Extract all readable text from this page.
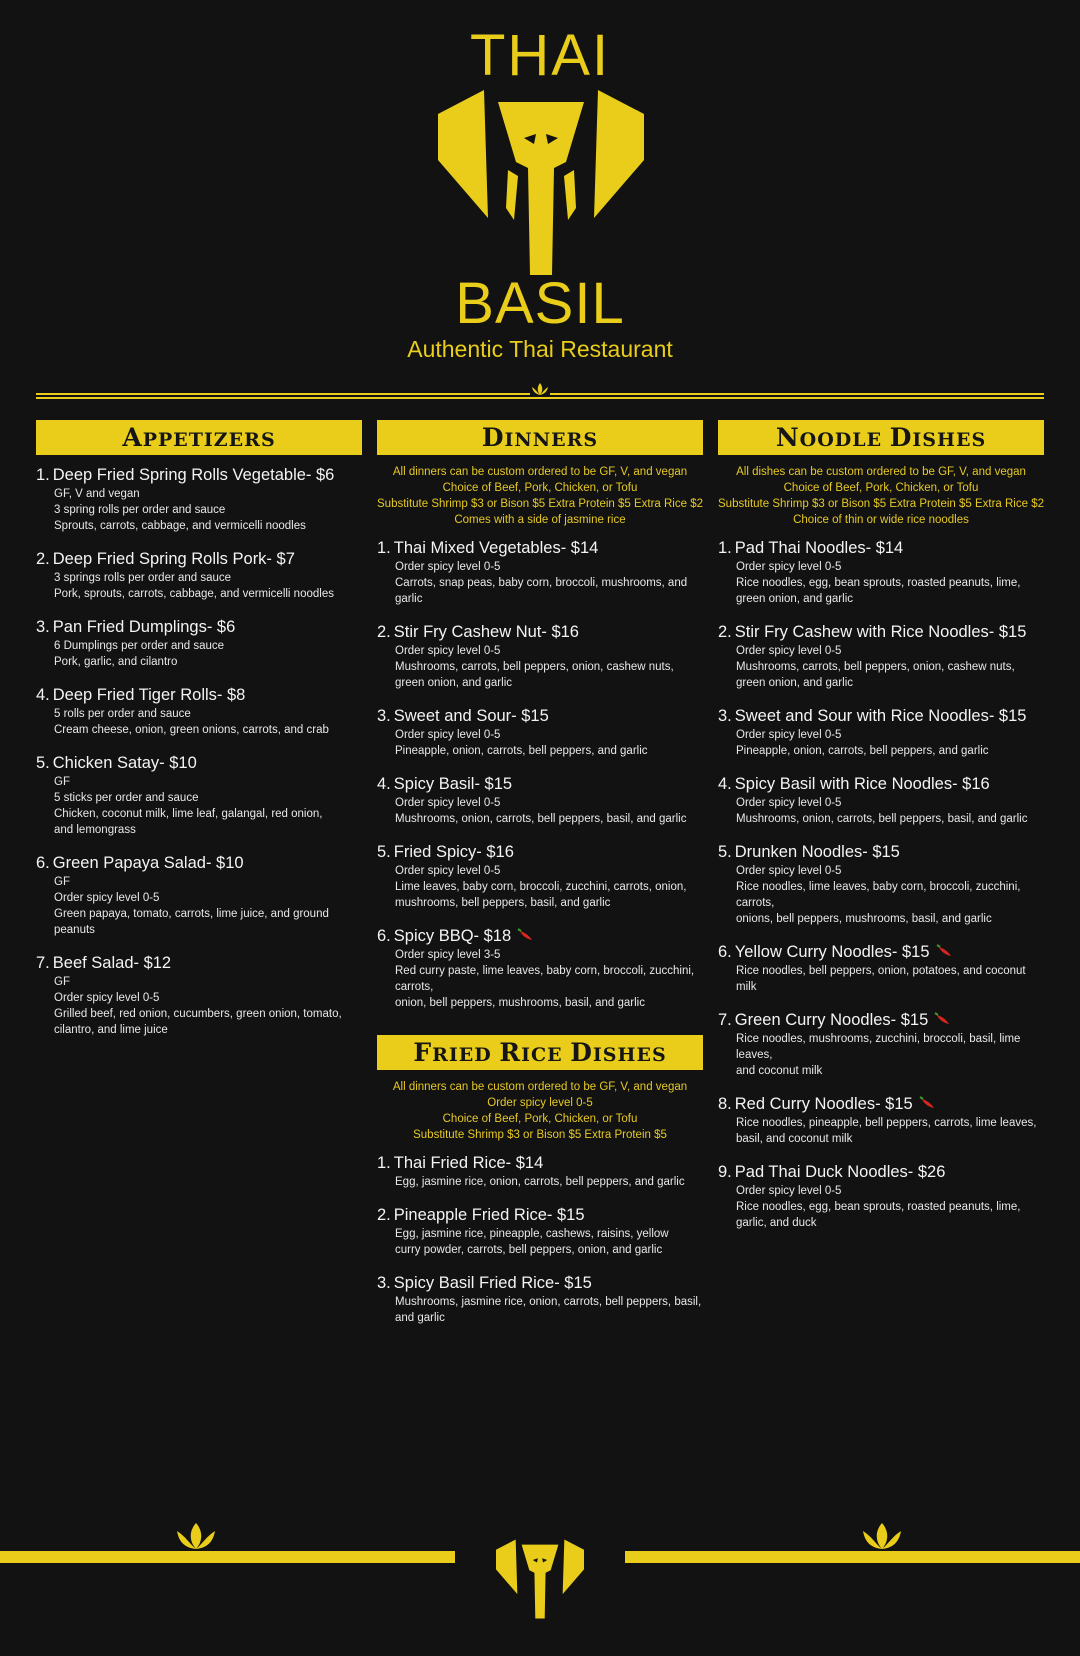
THAI
BASIL
Authentic Thai Restaurant
APPETIZERS
1. Deep Fried Spring Rolls Vegetable- $6
GF, V and vegan
3 spring rolls per order and sauce
Sprouts, carrots, cabbage, and vermicelli noodles
2. Deep Fried Spring Rolls Pork- $7
3 springs rolls per order and sauce
Pork, sprouts, carrots, cabbage, and vermicelli noodles
3. Pan Fried Dumplings- $6
6 Dumplings per order and sauce
Pork, garlic, and cilantro
4. Deep Fried Tiger Rolls- $8
5 rolls per order and sauce
Cream cheese, onion, green onions, carrots, and crab
5. Chicken Satay- $10
GF
5 sticks per order and sauce
Chicken, coconut milk, lime leaf, galangal, red onion,
and lemongrass
6. Green Papaya Salad- $10
GF
Order spicy level 0-5
Green papaya, tomato, carrots, lime juice, and ground peanuts
7. Beef Salad- $12
GF
Order spicy level 0-5
Grilled beef, red onion, cucumbers, green onion, tomato,
cilantro, and lime juice
DINNERS
All dinners can be custom ordered to be GF, V, and vegan
Choice of Beef, Pork, Chicken, or Tofu
Substitute Shrimp $3 or Bison $5 Extra Protein $5 Extra Rice $2
Comes with a side of jasmine rice
1. Thai Mixed Vegetables- $14
Order spicy level 0-5
Carrots, snap peas, baby corn, broccoli, mushrooms, and garlic
2. Stir Fry Cashew Nut- $16
Order spicy level 0-5
Mushrooms, carrots, bell peppers, onion, cashew nuts,
green onion, and garlic
3. Sweet and Sour- $15
Order spicy level 0-5
Pineapple, onion, carrots, bell peppers, and garlic
4. Spicy Basil- $15
Order spicy level 0-5
Mushrooms, onion, carrots, bell peppers, basil, and garlic
5. Fried Spicy- $16
Order spicy level 0-5
Lime leaves, baby corn, broccoli, zucchini, carrots, onion,
mushrooms, bell peppers, basil, and garlic
6. Spicy BBQ- $18
Order spicy level 3-5
Red curry paste, lime leaves, baby corn, broccoli, zucchini, carrots,
onion, bell peppers, mushrooms, basil, and garlic
FRIED RICE DISHES
All dinners can be custom ordered to be GF, V, and vegan
Order spicy level 0-5
Choice of Beef, Pork, Chicken, or Tofu
Substitute Shrimp $3 or Bison $5 Extra Protein $5
1. Thai Fried Rice- $14
Egg, jasmine rice, onion, carrots, bell peppers, and garlic
2. Pineapple Fried Rice- $15
Egg, jasmine rice, pineapple, cashews, raisins, yellow
curry powder, carrots, bell peppers, onion, and garlic
3. Spicy Basil Fried Rice- $15
Mushrooms, jasmine rice, onion, carrots, bell peppers, basil,
and garlic
NOODLE DISHES
All dishes can be custom ordered to be GF, V, and vegan
Choice of Beef, Pork, Chicken, or Tofu
Substitute Shrimp $3 or Bison $5 Extra Protein $5 Extra Rice $2
Choice of thin or wide rice noodles
1. Pad Thai Noodles- $14
Order spicy level 0-5
Rice noodles, egg, bean sprouts, roasted peanuts, lime,
green onion, and garlic
2. Stir Fry Cashew with Rice Noodles- $15
Order spicy level 0-5
Mushrooms, carrots, bell peppers, onion, cashew nuts,
green onion, and garlic
3. Sweet and Sour with Rice Noodles- $15
Order spicy level 0-5
Pineapple, onion, carrots, bell peppers, and garlic
4. Spicy Basil with Rice Noodles- $16
Order spicy level 0-5
Mushrooms, onion, carrots, bell peppers, basil, and garlic
5. Drunken Noodles- $15
Order spicy level 0-5
Rice noodles, lime leaves, baby corn, broccoli, zucchini, carrots,
onions, bell peppers, mushrooms, basil, and garlic
6. Yellow Curry Noodles- $15
Rice noodles, bell peppers, onion, potatoes, and coconut milk
7. Green Curry Noodles- $15
Rice noodles, mushrooms, zucchini, broccoli, basil, lime leaves,
and coconut milk
8. Red Curry Noodles- $15
Rice noodles, pineapple, bell peppers, carrots, lime leaves,
basil, and coconut milk
9. Pad Thai Duck Noodles- $26
Order spicy level 0-5
Rice noodles, egg, bean sprouts, roasted peanuts, lime,
garlic, and duck
